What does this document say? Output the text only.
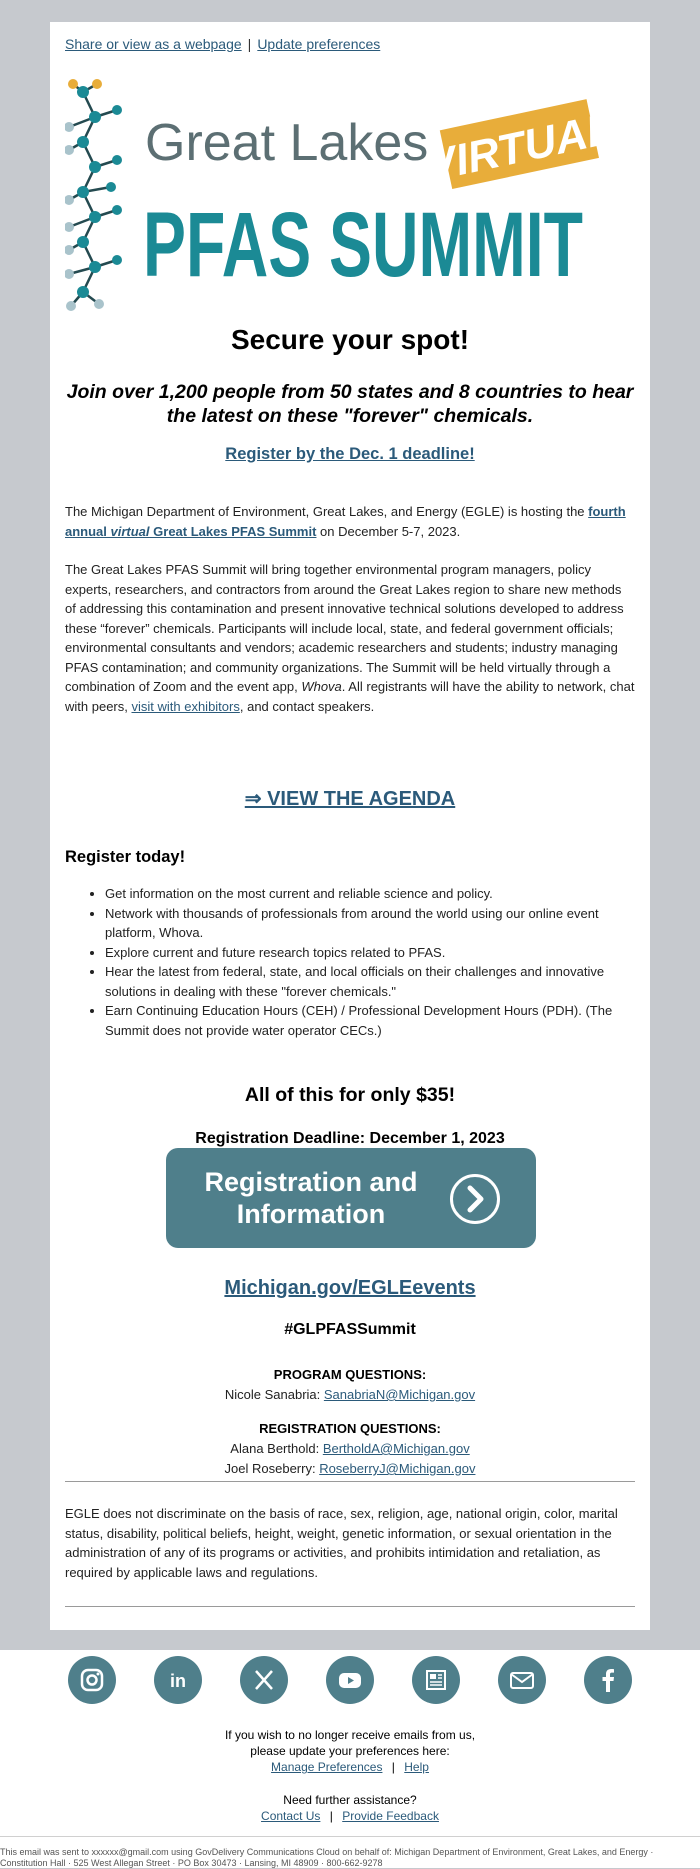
Share or view as a webpage | Update preferences
Great Lakes
PFAS SUMMIT
VIRTUAL
Secure your spot!
Join over 1,200 people from 50 states and 8 countries to hear the latest on these "forever" chemicals.
Register by the Dec. 1 deadline!
The Michigan Department of Environment, Great Lakes, and Energy (EGLE) is hosting the fourth annual virtual Great Lakes PFAS Summit on December 5-7, 2023.
The Great Lakes PFAS Summit will bring together environmental program managers, policy experts, researchers, and contractors from around the Great Lakes region to share new methods of addressing this contamination and present innovative technical solutions developed to address these “forever” chemicals. Participants will include local, state, and federal government officials; environmental consultants and vendors; academic researchers and students; industry managing PFAS contamination; and community organizations. The Summit will be held virtually through a combination of Zoom and the event app, Whova. All registrants will have the ability to network, chat with peers, visit with exhibitors, and contact speakers.
⇒ VIEW THE AGENDA
Register today!
• Get information on the most current and reliable science and policy.
• Network with thousands of professionals from around the world using our online event platform, Whova.
• Explore current and future research topics related to PFAS.
• Hear the latest from federal, state, and local officials on their challenges and innovative solutions in dealing with these "forever chemicals."
• Earn Continuing Education Hours (CEH) / Professional Development Hours (PDH). (The Summit does not provide water operator CECs.)
All of this for only $35!
Registration Deadline: December 1, 2023
Registration and
Information
Michigan.gov/EGLEevents
#GLPFASSummit
PROGRAM QUESTIONS:
Nicole Sanabria: SanabriaN@Michigan.gov
REGISTRATION QUESTIONS:
Alana Berthold: BertholdA@Michigan.gov
Joel Roseberry: RoseberryJ@Michigan.gov
EGLE does not discriminate on the basis of race, sex, religion, age, national origin, color, marital status, disability, political beliefs, height, weight, genetic information, or sexual orientation in the administration of any of its programs or activities, and prohibits intimidation and retaliation, as required by applicable laws and regulations.
in
If you wish to no longer receive emails from us,
please update your preferences here:
Manage Preferences | Help
Need further assistance?
Contact Us | Provide Feedback
This email was sent to xxxxxx@gmail.com using GovDelivery Communications Cloud on behalf of: Michigan Department of Environment, Great Lakes, and Energy · Constitution Hall · 525 West Allegan Street · PO Box 30473 · Lansing, MI 48909 · 800-662-9278
